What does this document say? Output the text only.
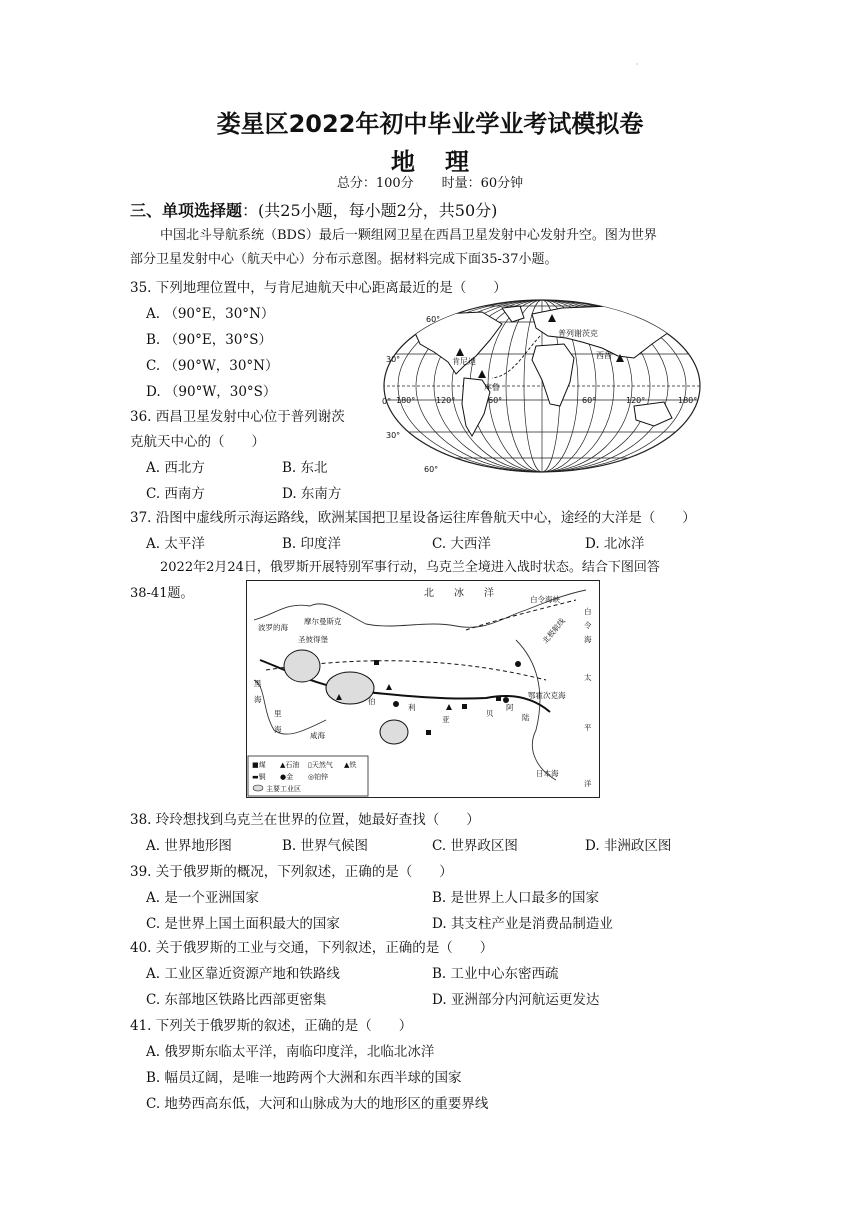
·
娄星区2022年初中毕业学业考试模拟卷
地理
总分：100分 时量：60分钟
三、单项选择题：(共25小题，每小题2分，共50分)
中国北斗导航系统（BDS）最后一颗组网卫星在西昌卫星发射中心发射升空。图为世界
部分卫星发射中心（航天中心）分布示意图。据材料完成下面35-37小题。
35. 下列地理位置中，与肯尼迪航天中心距离最近的是（　　）
A. （90°E，30°N）
B. （90°E，30°S）
C. （90°W，30°N）
D. （90°W，30°S）
36. 西昌卫星发射中心位于普列谢茨
克航天中心的（　　）
A. 西北方	B. 东北
C. 西南方	D. 东南方
60°
30°
0°
30°
60°
180°	120°	60°	60°	120°	180°
肯尼迪
库鲁
普列谢茨克
西昌
37. 沿图中虚线所示海运路线，欧洲某国把卫星设备运往库鲁航天中心，途经的大洋是（　　）
A. 太平洋	B. 印度洋	C. 大西洋	D. 北冰洋
2022年2月24日，俄罗斯开展特别军事行动，乌克兰全境进入战时状态。结合下图回答
38-41题。	北 冰 洋
白令海峡
波罗的海
摩尔曼斯克
圣彼得堡
黑
海
里
海
咸海
伯
利
亚
贝
阿
陆
鄂霍次克海
日本海
白
令
海
太
平
洋
北极航线
■煤 ▲石油 ▯天然气 ▲铁
▬铜 ●金 ◎铂锌
主要工业区
38. 玲玲想找到乌克兰在世界的位置，她最好查找（　　）
A. 世界地形图	B. 世界气候图	C. 世界政区图	D. 非洲政区图
39. 关于俄罗斯的概况，下列叙述，正确的是（　　）
A. 是一个亚洲国家	B. 是世界上人口最多的国家
C. 是世界上国土面积最大的国家	D. 其支柱产业是消费品制造业
40. 关于俄罗斯的工业与交通，下列叙述，正确的是（　　）
A. 工业区靠近资源产地和铁路线	B. 工业中心东密西疏
C. 东部地区铁路比西部更密集	D. 亚洲部分内河航运更发达
41. 下列关于俄罗斯的叙述，正确的是（　　）
A. 俄罗斯东临太平洋，南临印度洋，北临北冰洋
B. 幅员辽阔，是唯一地跨两个大洲和东西半球的国家
C. 地势西高东低，大河和山脉成为大的地形区的重要界线
